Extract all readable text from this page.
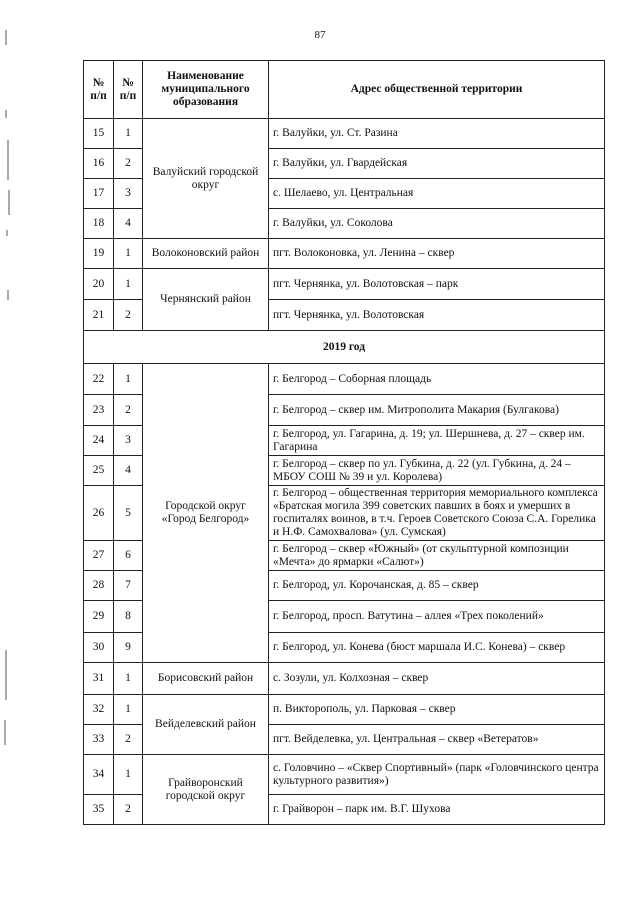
87
№ п/п	№ п/п	Наименование муниципального образования	Адрес общественной территории
15	1	Валуйский городской округ	г. Валуйки, ул. Ст. Разина
16	2		г. Валуйки, ул. Гвардейская
17	3		с. Шелаево, ул. Центральная
18	4		г. Валуйки, ул. Соколова
19	1	Волоконовский район	пгт. Волоконовка, ул. Ленина – сквер
20	1	Чернянский район	пгт. Чернянка, ул. Волотовская – парк
21	2		пгт. Чернянка, ул. Волотовская
2019 год			
22	1	Городской округ «Город Белгород»	г. Белгород – Соборная площадь
23	2		г. Белгород – сквер им. Митрополита Макария (Булгакова)
24	3		г. Белгород, ул. Гагарина, д. 19; ул. Шершнева, д. 27 – сквер им. Гагарина
25	4		г. Белгород – сквер по ул. Губкина, д. 22 (ул. Губкина, д. 24 – МБОУ СОШ № 39 и ул. Королева)
26	5		г. Белгород – общественная территория мемориального комплекса «Братская могила 399 советских павших в боях и умерших в госпиталях воинов, в т.ч. Героев Советского Союза С.А. Горелика и Н.Ф. Самохвалова» (ул. Сумская)
27	6		г. Белгород – сквер «Южный» (от скульптурной композиции «Мечта» до ярмарки «Салют»)
28	7		г. Белгород, ул. Корочанская, д. 85 – сквер
29	8		г. Белгород, просп. Ватутина – аллея «Трех поколений»
30	9		г. Белгород, ул. Конева (бюст маршала И.С. Конева) – сквер
31	1	Борисовский район	с. Зозули, ул. Колхозная – сквер
32	1	Вейделевский район	п. Викторополь, ул. Парковая – сквер
33	2		пгт. Вейделевка, ул. Центральная – сквер «Ветератов»
34	1	Грайворонский городской округ	с. Головчино – «Сквер Спортивный» (парк «Головчинского центра культурного развития»)
35	2		г. Грайворон – парк им. В.Г. Шухова
